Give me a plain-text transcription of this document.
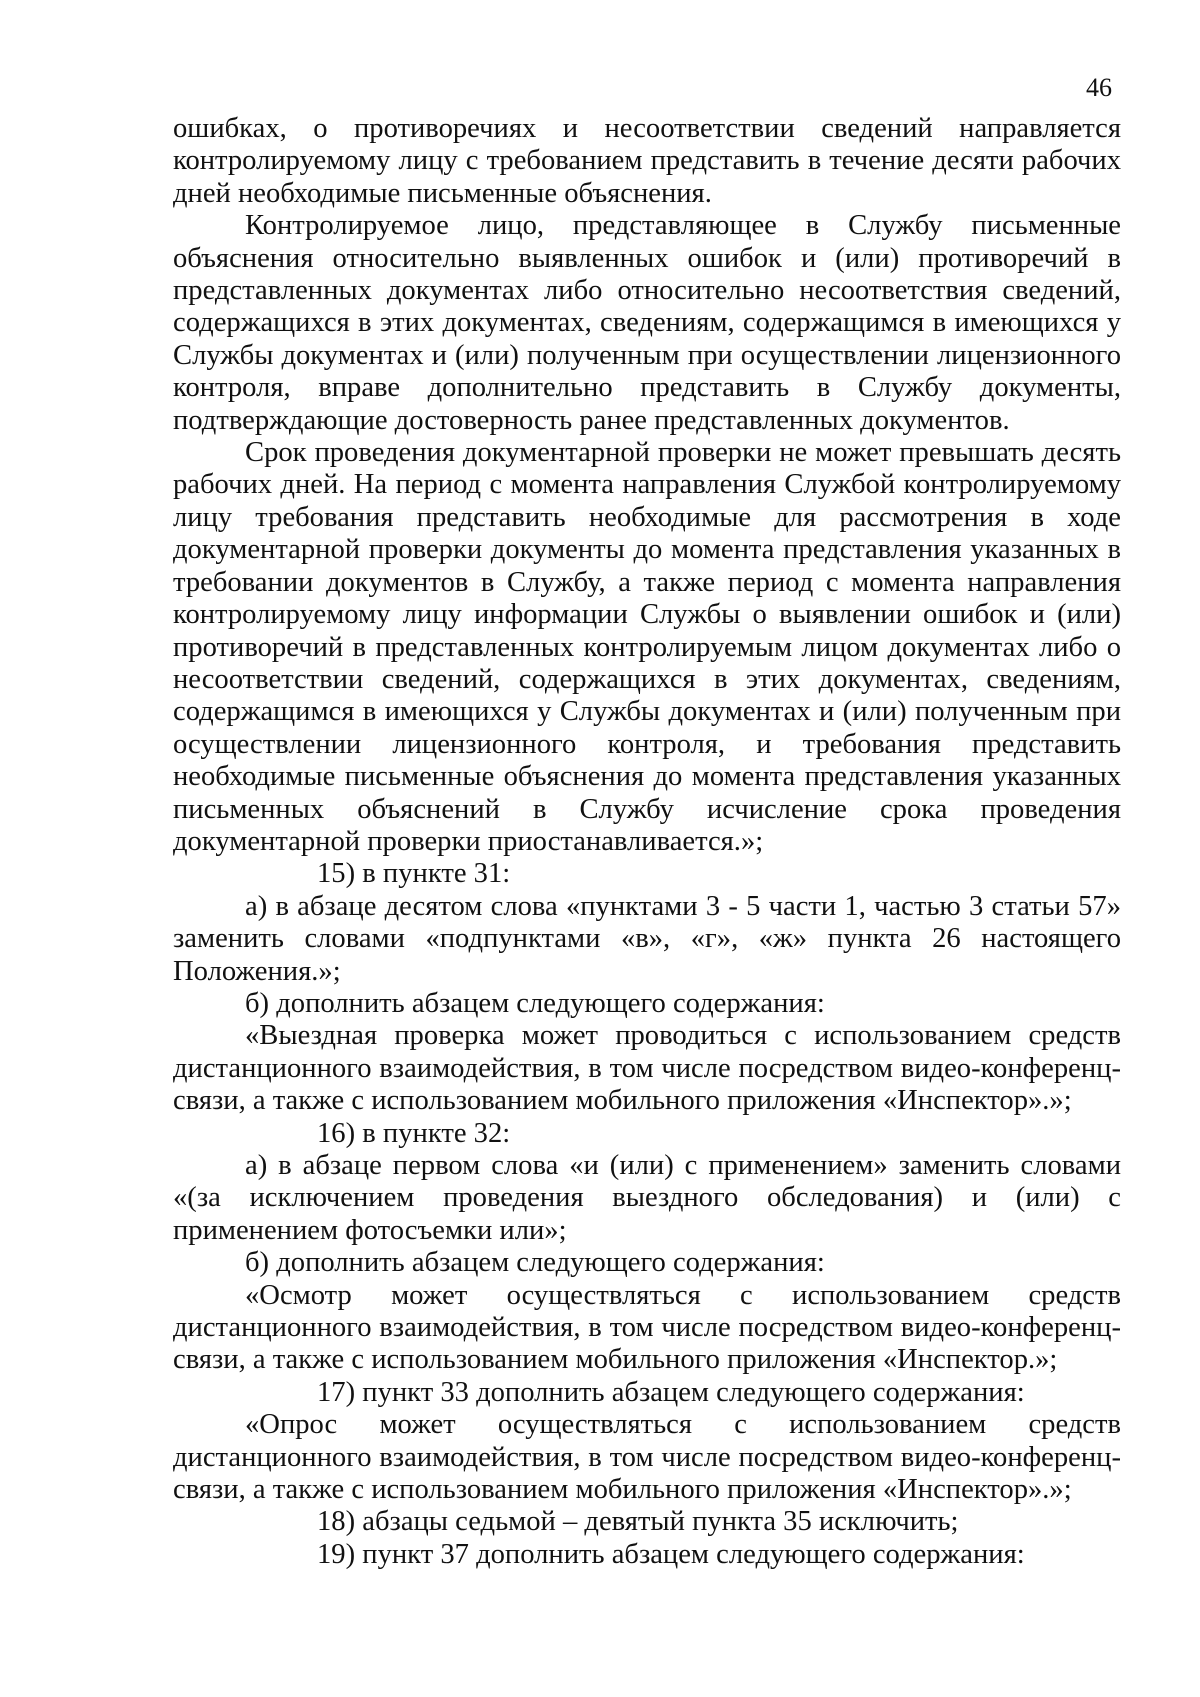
46

ошибках, о противоречиях и несоответствии сведений направляется контролируемому лицу с требованием представить в течение десяти рабочих дней необходимые письменные объяснения.

Контролируемое лицо, представляющее в Службу письменные объяснения относительно выявленных ошибок и (или) противоречий в представленных документах либо относительно несоответствия сведений, содержащихся в этих документах, сведениям, содержащимся в имеющихся у Службы документах и (или) полученным при осуществлении лицензионного контроля, вправе дополнительно представить в Службу документы, подтверждающие достоверность ранее представленных документов.

Срок проведения документарной проверки не может превышать десять рабочих дней. На период с момента направления Службой контролируемому лицу требования представить необходимые для рассмотрения в ходе документарной проверки документы до момента представления указанных в требовании документов в Службу, а также период с момента направления контролируемому лицу информации Службы о выявлении ошибок и (или) противоречий в представленных контролируемым лицом документах либо о несоответствии сведений, содержащихся в этих документах, сведениям, содержащимся в имеющихся у Службы документах и (или) полученным при осуществлении лицензионного контроля, и требования представить необходимые письменные объяснения до момента представления указанных письменных объяснений в Службу исчисление срока проведения документарной проверки приостанавливается.»;

15) в пункте 31:

а) в абзаце десятом слова «пунктами 3 - 5 части 1, частью 3 статьи 57» заменить словами «подпунктами «в», «г», «ж» пункта 26 настоящего Положения.»;

б) дополнить абзацем следующего содержания:

«Выездная проверка может проводиться с использованием средств дистанционного взаимодействия, в том числе посредством видео-конференц-связи, а также с использованием мобильного приложения «Инспектор».»;

16) в пункте 32:

а) в абзаце первом слова «и (или) с применением» заменить словами «(за исключением проведения выездного обследования) и (или) с применением фотосъемки или»;

б) дополнить абзацем следующего содержания:

«Осмотр может осуществляться с использованием средств дистанционного взаимодействия, в том числе посредством видео-конференц-связи, а также с использованием мобильного приложения «Инспектор.»;

17) пункт 33 дополнить абзацем следующего содержания:

«Опрос может осуществляться с использованием средств дистанционного взаимодействия, в том числе посредством видео-конференц-связи, а также с использованием мобильного приложения «Инспектор».»;

18) абзацы седьмой – девятый пункта 35 исключить;

19) пункт 37 дополнить абзацем следующего содержания:
